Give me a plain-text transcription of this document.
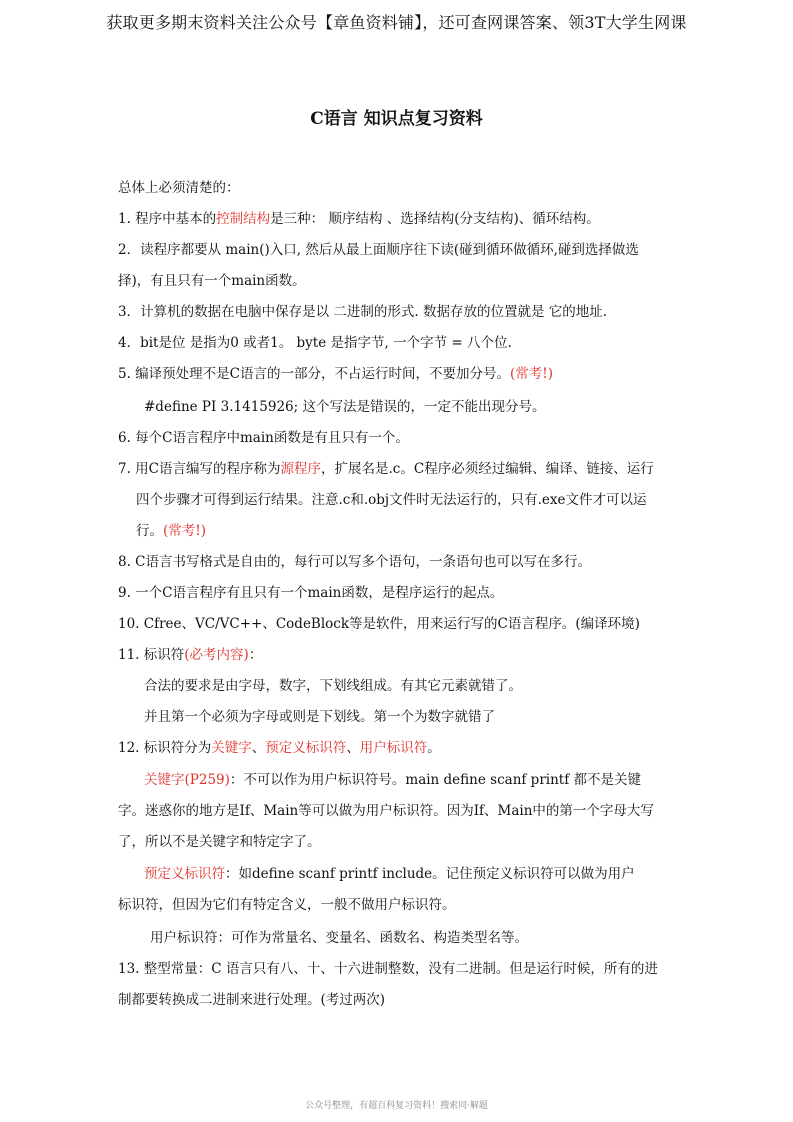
获取更多期末资料关注公众号【章鱼资料铺】，还可查网课答案、领3T大学生网课
C语言 知识点复习资料
总体上必须清楚的：
1. 程序中基本的控制结构是三种： 顺序结构 、选择结构(分支结构)、循环结构。
2．读程序都要从 main()入口, 然后从最上面顺序往下读(碰到循环做循环,碰到选择做选
择)，有且只有一个main函数。
3．计算机的数据在电脑中保存是以 二进制的形式. 数据存放的位置就是 它的地址.
4．bit是位 是指为0 或者1。 byte 是指字节, 一个字节 = 八个位.
5. 编译预处理不是C语言的一部分，不占运行时间，不要加分号。(常考!)
#define PI 3.1415926; 这个写法是错误的，一定不能出现分号。
6. 每个C语言程序中main函数是有且只有一个。
7. 用C语言编写的程序称为源程序，扩展名是.c。C程序必须经过编辑、编译、链接、运行
四个步骤才可得到运行结果。注意.c和.obj文件时无法运行的，只有.exe文件才可以运
行。(常考!)
8. C语言书写格式是自由的，每行可以写多个语句，一条语句也可以写在多行。
9. 一个C语言程序有且只有一个main函数，是程序运行的起点。
10. Cfree、VC/VC++、CodeBlock等是软件，用来运行写的C语言程序。(编译环境)
11. 标识符(必考内容)：
合法的要求是由字母，数字，下划线组成。有其它元素就错了。
并且第一个必须为字母或则是下划线。第一个为数字就错了
12. 标识符分为关键字、预定义标识符、用户标识符。
关键字(P259)：不可以作为用户标识符号。main define scanf printf 都不是关键
字。迷惑你的地方是If、Main等可以做为用户标识符。因为If、Main中的第一个字母大写
了，所以不是关键字和特定字了。
预定义标识符：如define scanf printf include。记住预定义标识符可以做为用户
标识符，但因为它们有特定含义，一般不做用户标识符。
用户标识符：可作为常量名、变量名、函数名、构造类型名等。
13. 整型常量：C 语言只有八、十、十六进制整数，没有二进制。但是运行时候，所有的进
制都要转换成二进制来进行处理。(考过两次)
公众号整理，有超百科复习资料！搜索同·解题
